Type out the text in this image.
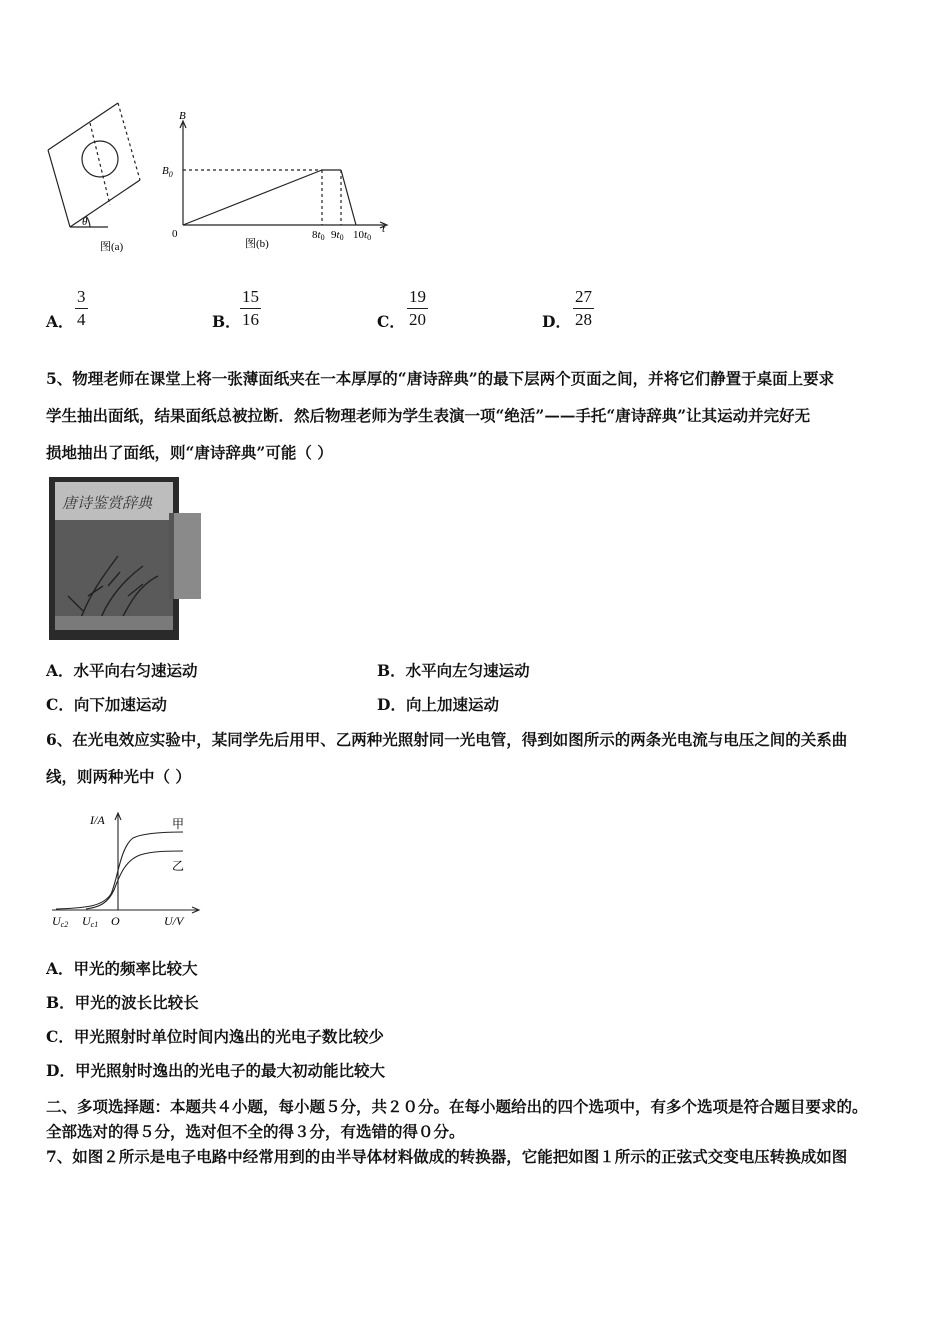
θ
图(a)
B
t
$B_0$
0	8t0 9t0 10t0
图(b)
A． $\frac{3}{4}$	B． $\frac{15}{16}$	C． $\frac{19}{20}$	D． $\frac{27}{28}$
5、物理老师在课堂上将一张薄面纸夹在一本厚厚的“唐诗辞典”的最下层两个页面之间，并将它们静置于桌面上要求
学生抽出面纸，结果面纸总被拉断．然后物理老师为学生表演一项“绝活”——手托“唐诗辞典”让其运动并完好无
损地抽出了面纸，则“唐诗辞典”可能（ ）
唐诗鉴赏辞典
A．水平向右匀速运动	B．水平向左匀速运动
C．向下加速运动	D．向上加速运动
6、在光电效应实验中，某同学先后用甲、乙两种光照射同一光电管，得到如图所示的两条光电流与电压之间的关系曲
线，则两种光中（ ）
I/A	甲
乙
Uc2 Uc1 O	U/V
A．甲光的频率比较大
B．甲光的波长比较长
C．甲光照射时单位时间内逸出的光电子数比较少
D．甲光照射时逸出的光电子的最大初动能比较大
二、多项选择题：本题共４小题，每小题５分，共２０分。在每小题给出的四个选项中，有多个选项是符合题目要求的。
全部选对的得５分，选对但不全的得３分，有选错的得０分。
7、如图２所示是电子电路中经常用到的由半导体材料做成的转换器，它能把如图１所示的正弦式交变电压转换成如图
